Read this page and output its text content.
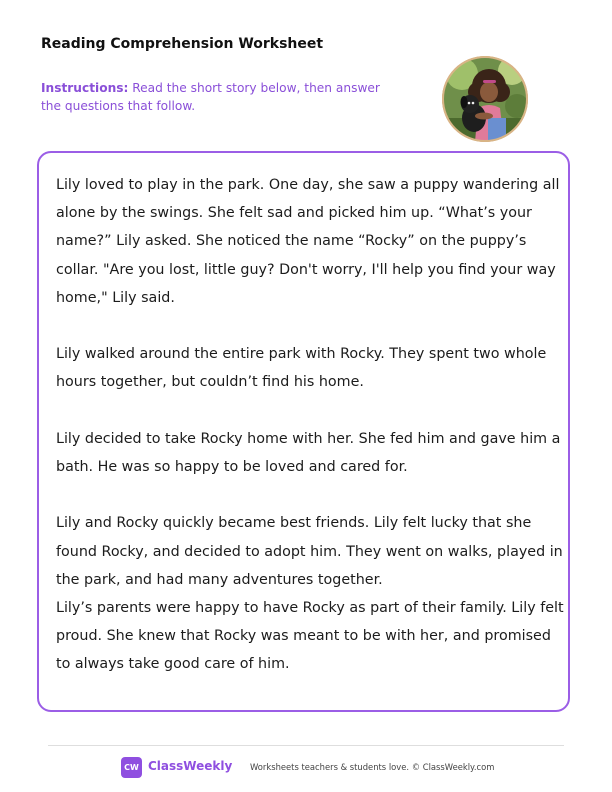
Reading Comprehension Worksheet
Instructions: Read the short story below, then answer the questions that follow.

Lily loved to play in the park. One day, she saw a puppy wandering all alone by the swings. She felt sad and picked him up. “What’s your name?” Lily asked. She noticed the name “Rocky” on the puppy’s collar. "Are you lost, little guy? Don't worry, I'll help you find your way home," Lily said.

Lily walked around the entire park with Rocky. They spent two whole hours together, but couldn’t find his home.

Lily decided to take Rocky home with her. She fed him and gave him a bath. He was so happy to be loved and cared for.

Lily and Rocky quickly became best friends. Lily felt lucky that she found Rocky, and decided to adopt him. They went on walks, played in the park, and had many adventures together.

Lily’s parents were happy to have Rocky as part of their family. Lily felt proud. She knew that Rocky was meant to be with her, and promised to always take good care of him.

CW ClassWeekly Worksheets teachers & students love. © ClassWeekly.com
